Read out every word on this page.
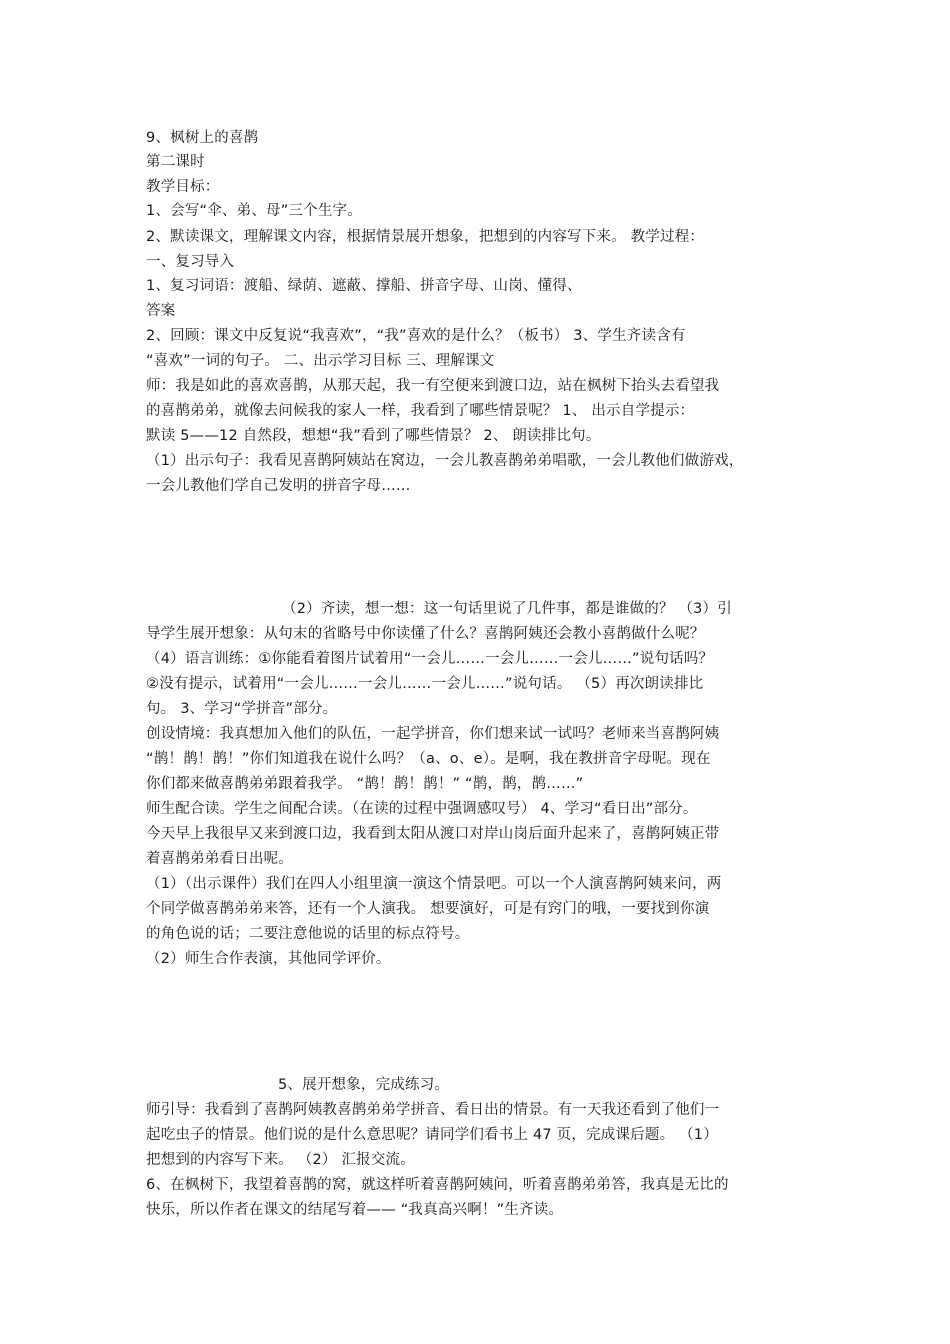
9、枫树上的喜鹊

第二课时

教学目标：

1、会写“伞、弟、母”三个生字。

2、默读课文，理解课文内容，根据情景展开想象，把想到的内容写下来。 教学过程：

一、复习导入

1、复习词语：渡船、绿荫、遮蔽、撑船、拼音字母、山岗、懂得、

答案

2、回顾：课文中反复说“我喜欢”，“我”喜欢的是什么？（板书） 3、学生齐读含有

“喜欢”一词的句子。 二、出示学习目标 三、理解课文

师：我是如此的喜欢喜鹊，从那天起，我一有空便来到渡口边，站在枫树下抬头去看望我

的喜鹊弟弟，就像去问候我的家人一样，我看到了哪些情景呢？ 1、 出示自学提示：

默读 5——12 自然段，想想“我”看到了哪些情景？ 2、 朗读排比句。

（1）出示句子：我看见喜鹊阿姨站在窝边，一会儿教喜鹊弟弟唱歌，一会儿教他们做游戏，

一会儿教他们学自己发明的拼音字母……

（2）齐读，想一想：这一句话里说了几件事，都是谁做的？ （3）引

导学生展开想象：从句末的省略号中你读懂了什么？喜鹊阿姨还会教小喜鹊做什么呢？

（4）语言训练：①你能看着图片试着用“一会儿……一会儿……一会儿……”说句话吗？

②没有提示，试着用“一会儿……一会儿……一会儿……”说句话。 （5）再次朗读排比

句。 3、学习“学拼音”部分。

创设情境：我真想加入他们的队伍，一起学拼音，你们想来试一试吗？老师来当喜鹊阿姨

“鹊！鹊！鹊！”你们知道我在说什么吗？（a、o、e）。是啊，我在教拼音字母呢。现在

你们都来做喜鹊弟弟跟着我学。 “鹊！鹊！鹊！” “鹊，鹊，鹊……”

师生配合读。学生之间配合读。（在读的过程中强调感叹号） 4、学习“看日出”部分。

今天早上我很早又来到渡口边，我看到太阳从渡口对岸山岗后面升起来了，喜鹊阿姨正带

着喜鹊弟弟看日出呢。

（1）（出示课件）我们在四人小组里演一演这个情景吧。可以一个人演喜鹊阿姨来问，两

个同学做喜鹊弟弟来答，还有一个人演我。 想要演好，可是有窍门的哦，一要找到你演

的角色说的话；二要注意他说的话里的标点符号。

（2）师生合作表演，其他同学评价。

5、展开想象，完成练习。

师引导：我看到了喜鹊阿姨教喜鹊弟弟学拼音、看日出的情景。有一天我还看到了他们一

起吃虫子的情景。他们说的是什么意思呢？请同学们看书上 47 页，完成课后题。 （1）

把想到的内容写下来。 （2） 汇报交流。

6、在枫树下，我望着喜鹊的窝，就这样听着喜鹊阿姨问，听着喜鹊弟弟答，我真是无比的

快乐，所以作者在课文的结尾写着—— “我真高兴啊！”生齐读。
